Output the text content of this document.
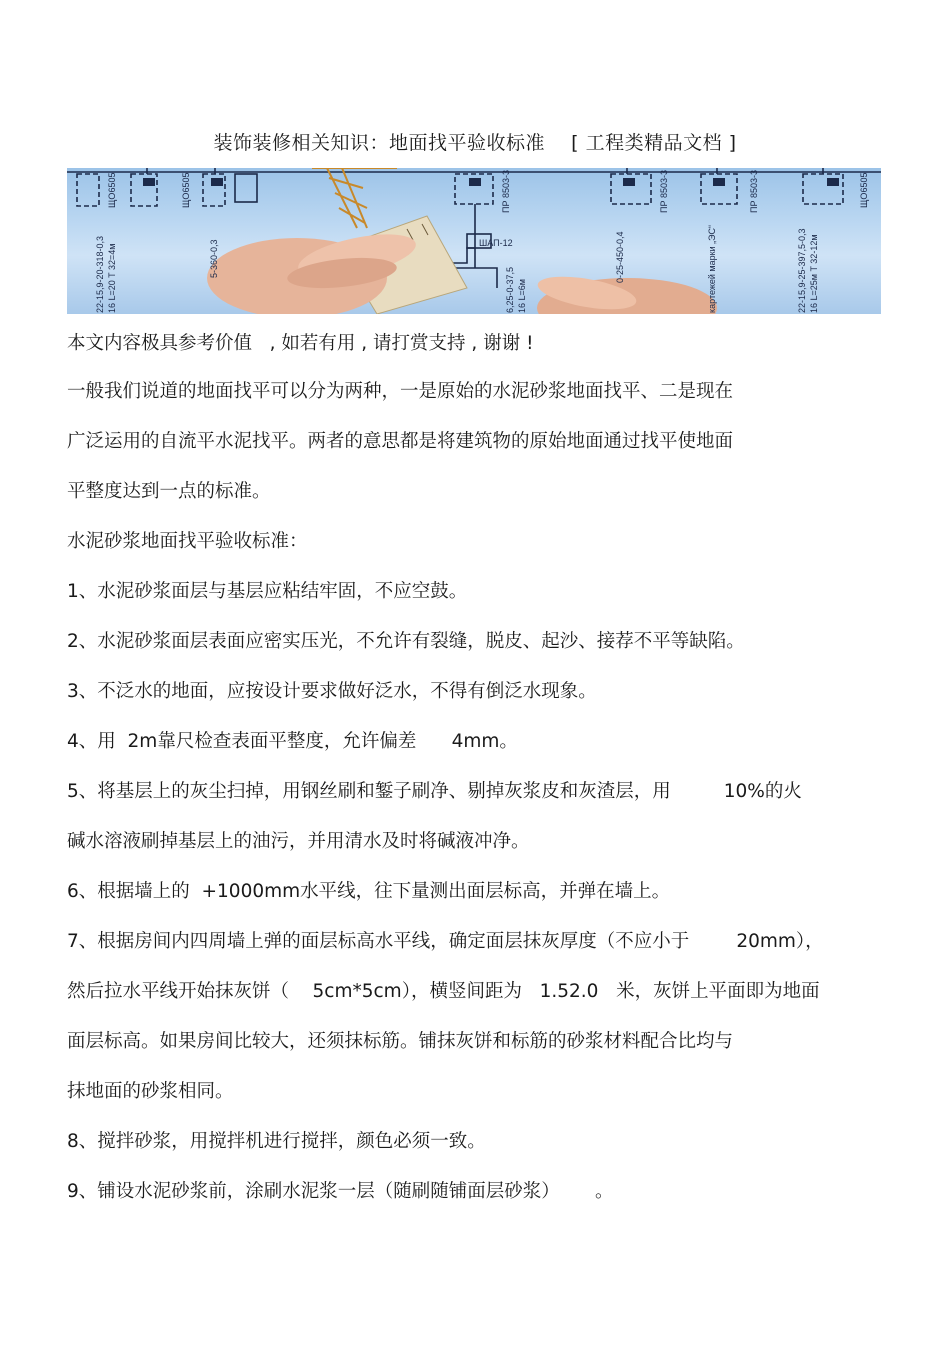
装饰装修相关知识：地面找平验收标准    [ 工程类精品文档 ]
ЩО6505	ЩО6505	ПР 8503-3	ПР 8503-3	ПР 8503-3	ЩО6505
ШАП-12
5-360-0,3	0-25-450-0,4
22-15,9-20-318-0,3 16 L=20 T 32=4м	6,25-0-37,5 16 L=6м	картежей марки „ЭС“	22-15,9-25-397,5-0,3 16 L=25м T 32-12м
本文内容极具参考价值   , 如若有用 , 请打赏支持 , 谢谢 !
一般我们说道的地面找平可以分为两种，一是原始的水泥砂浆地面找平、二是现在
广泛运用的自流平水泥找平。两者的意思都是将建筑物的原始地面通过找平使地面
平整度达到一点的标准。
水泥砂浆地面找平验收标准：
1、水泥砂浆面层与基层应粘结牢固，不应空鼓。
2、水泥砂浆面层表面应密实压光，不允许有裂缝，脱皮、起沙、接荐不平等缺陷。
3、不泛水的地面，应按设计要求做好泛水，不得有倒泛水现象。
4、用  2m靠尺检查表面平整度，允许偏差      4mm。
5、将基层上的灰尘扫掉，用钢丝刷和錾子刷净、剔掉灰浆皮和灰渣层，用         10%的火
碱水溶液刷掉基层上的油污，并用清水及时将碱液冲净。
6、根据墙上的  +1000mm水平线，往下量测出面层标高，并弹在墙上。
7、根据房间内四周墙上弹的面层标高水平线，确定面层抹灰厚度（不应小于        20mm），
然后拉水平线开始抹灰饼（    5cm*5cm），横竖间距为   1.52.0   米，灰饼上平面即为地面
面层标高。如果房间比较大，还须抹标筋。铺抹灰饼和标筋的砂浆材料配合比均与
抹地面的砂浆相同。
8、搅拌砂浆，用搅拌机进行搅拌，颜色必须一致。
9、铺设水泥砂浆前，涂刷水泥浆一层（随刷随铺面层砂浆）      。
